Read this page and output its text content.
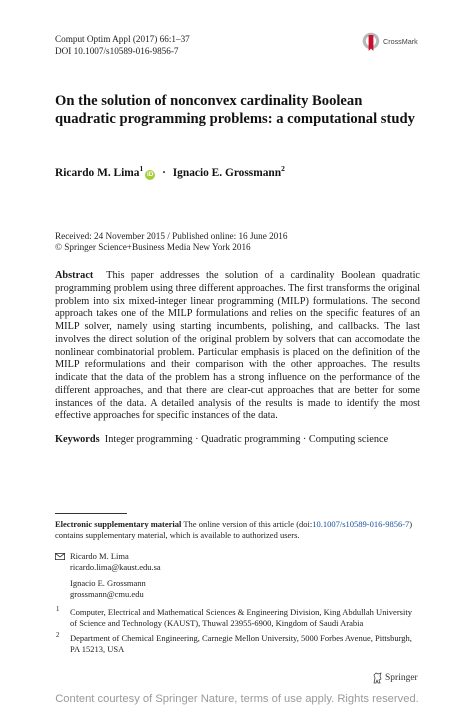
Comput Optim Appl (2017) 66:1–37
DOI 10.1007/s10589-016-9856-7
CrossMark
On the solution of nonconvex cardinality Boolean quadratic programming problems: a computational study
Ricardo M. Lima$^1$iD · Ignacio E. Grossmann$^2$
Received: 24 November 2015 / Published online: 16 June 2016
© Springer Science+Business Media New York 2016

Abstract This paper addresses the solution of a cardinality Boolean quadratic programming problem using three different approaches. The first transforms the original problem into six mixed-integer linear programming (MILP) formulations. The second approach takes one of the MILP formulations and relies on the specific features of an MILP solver, namely using starting incumbents, polishing, and callbacks. The last involves the direct solution of the original problem by solvers that can accomodate the nonlinear combinatorial problem. Particular emphasis is placed on the definition of the MILP reformulations and their comparison with the other approaches. The results indicate that the data of the problem has a strong influence on the performance of the different approaches, and that there are clear-cut approaches that are better for some instances of the data. A detailed analysis of the results is made to identify the most effective approaches for specific instances of the data.

Keywords Integer programming · Quadratic programming · Computing science

Electronic supplementary material The online version of this article (doi:10.1007/s10589-016-9856-7) contains supplementary material, which is available to authorized users.

Ricardo M. Lima
ricardo.lima@kaust.edu.sa
Ignacio E. Grossmann
grossmann@cmu.edu
1 Computer, Electrical and Mathematical Sciences & Engineering Division, King Abdullah University of Science and Technology (KAUST), Thuwal 23955-6900, Kingdom of Saudi Arabia
2 Department of Chemical Engineering, Carnegie Mellon University, 5000 Forbes Avenue, Pittsburgh, PA 15213, USA
Springer
Content courtesy of Springer Nature, terms of use apply. Rights reserved.
